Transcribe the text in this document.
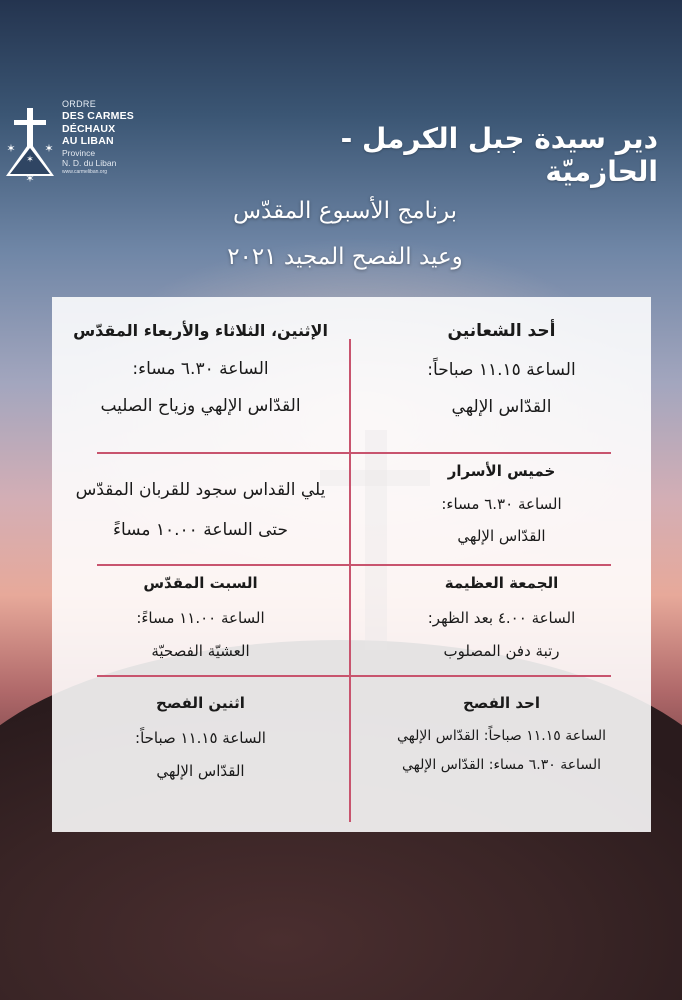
✶
✶	✶
✶
ORDRE
DES CARMES
DÉCHAUX
AU LIBAN
Province
N. D. du Liban
www.carmeliban.org
دير سيدة جبل الكرمل - الحازميّة
برنامج الأسبوع المقدّس
وعيد الفصح المجيد ٢٠٢١
أحد الشعانين
الساعة ١١.١٥ صباحاً:
القدّاس الإلهي
الإثنين، الثلاثاء والأربعاء المقدّس
الساعة ٦.٣٠ مساء:
القدّاس الإلهي وزياح الصليب
خميس الأسرار
الساعة ٦.٣٠ مساء:
القدّاس الإلهي
يلي القداس سجود للقربان المقدّس
حتى الساعة ١٠.٠٠ مساءً
الجمعة العظيمة
الساعة ٤.٠٠ بعد الظهر:
رتبة دفن المصلوب
السبت المقدّس
الساعة ١١.٠٠ مساءً:
العشيّة الفصحيّة
احد الفصح
الساعة ١١.١٥ صباحاً: القدّاس الإلهي
الساعة ٦.٣٠ مساء: القدّاس الإلهي
اثنين الفصح
الساعة ١١.١٥ صباحاً:
القدّاس الإلهي
